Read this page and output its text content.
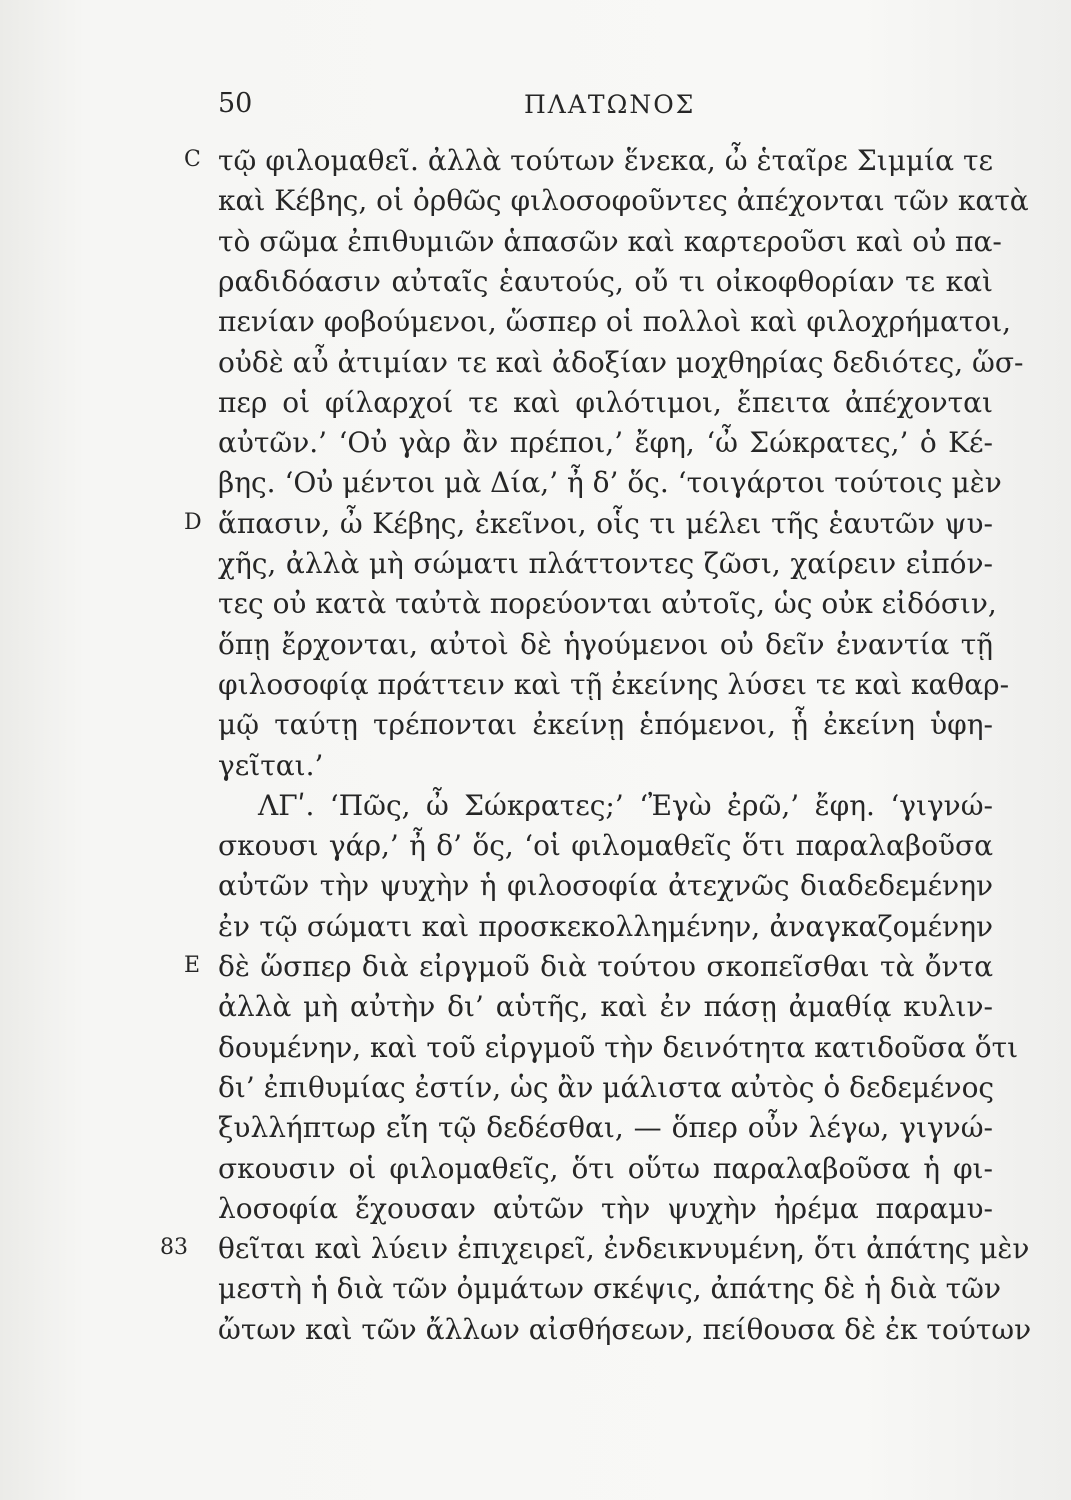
50	ΠΛΑΤΩΝΟΣ
τῷ φιλομαθεῖ. ἀλλὰ τούτων ἕνεκα, ὦ ἑταῖρε Σιμμία τε
καὶ Κέβης, οἱ ὀρθῶς φιλοσοφοῦντες ἀπέχονται τῶν κατὰ
τὸ σῶμα ἐπιθυμιῶν ἁπασῶν καὶ καρτεροῦσι καὶ οὐ πα-
ραδιδόασιν αὐταῖς ἑαυτούς, οὔ τι οἰκοφθορίαν τε καὶ
πενίαν φοβούμενοι, ὥσπερ οἱ πολλοὶ καὶ φιλοχρήματοι,
οὐδὲ αὖ ἀτιμίαν τε καὶ ἀδοξίαν μοχθηρίας δεδιότες, ὥσ-
περ οἱ φίλαρχοί τε καὶ φιλότιμοι, ἔπειτα ἀπέχονται
αὐτῶν.’ ‘Οὐ γὰρ ἂν πρέποι,’ ἔφη, ‘ὦ Σώκρατες,’ ὁ Κέ-
βης. ‘Οὐ μέντοι μὰ Δία,’ ἦ δ’ ὅς. ‘τοιγάρτοι τούτοις μὲν
ἅπασιν, ὦ Κέβης, ἐκεῖνοι, οἷς τι μέλει τῆς ἑαυτῶν ψυ-
χῆς, ἀλλὰ μὴ σώματι πλάττοντες ζῶσι, χαίρειν εἰπόν-
τες οὐ κατὰ ταὐτὰ πορεύονται αὐτοῖς, ὡς οὐκ εἰδόσιν,
ὅπῃ ἔρχονται, αὐτοὶ δὲ ἡγούμενοι οὐ δεῖν ἐναντία τῇ
φιλοσοφίᾳ πράττειν καὶ τῇ ἐκείνης λύσει τε καὶ καθαρ-
μῷ ταύτῃ τρέπονται ἐκείνῃ ἑπόμενοι, ᾗ ἐκείνη ὑφη-
γεῖται.’
ΛΓʹ. ‘Πῶς, ὦ Σώκρατες;’ ‘Ἐγὼ ἐρῶ,’ ἔφη. ‘γιγνώ-
σκουσι γάρ,’ ἦ δ’ ὅς, ‘οἱ φιλομαθεῖς ὅτι παραλαβοῦσα
αὐτῶν τὴν ψυχὴν ἡ φιλοσοφία ἀτεχνῶς διαδεδεμένην
ἐν τῷ σώματι καὶ προσκεκολλημένην, ἀναγκαζομένην
δὲ ὥσπερ διὰ εἰργμοῦ διὰ τούτου σκοπεῖσθαι τὰ ὄντα
ἀλλὰ μὴ αὐτὴν δι’ αὑτῆς, καὶ ἐν πάσῃ ἀμαθίᾳ κυλιν-
δουμένην, καὶ τοῦ εἰργμοῦ τὴν δεινότητα κατιδοῦσα ὅτι
δι’ ἐπιθυμίας ἐστίν, ὡς ἂν μάλιστα αὐτὸς ὁ δεδεμένος
ξυλλήπτωρ εἴη τῷ δεδέσθαι, — ὅπερ οὖν λέγω, γιγνώ-
σκουσιν οἱ φιλομαθεῖς, ὅτι οὕτω παραλαβοῦσα ἡ φι-
λοσοφία ἔχουσαν αὐτῶν τὴν ψυχὴν ἠρέμα παραμυ-
θεῖται καὶ λύειν ἐπιχειρεῖ, ἐνδεικνυμένη, ὅτι ἀπάτης μὲν
μεστὴ ἡ διὰ τῶν ὀμμάτων σκέψις, ἀπάτης δὲ ἡ διὰ τῶν
ὤτων καὶ τῶν ἄλλων αἰσθήσεων, πείθουσα δὲ ἐκ τούτων
C
D
E
83
